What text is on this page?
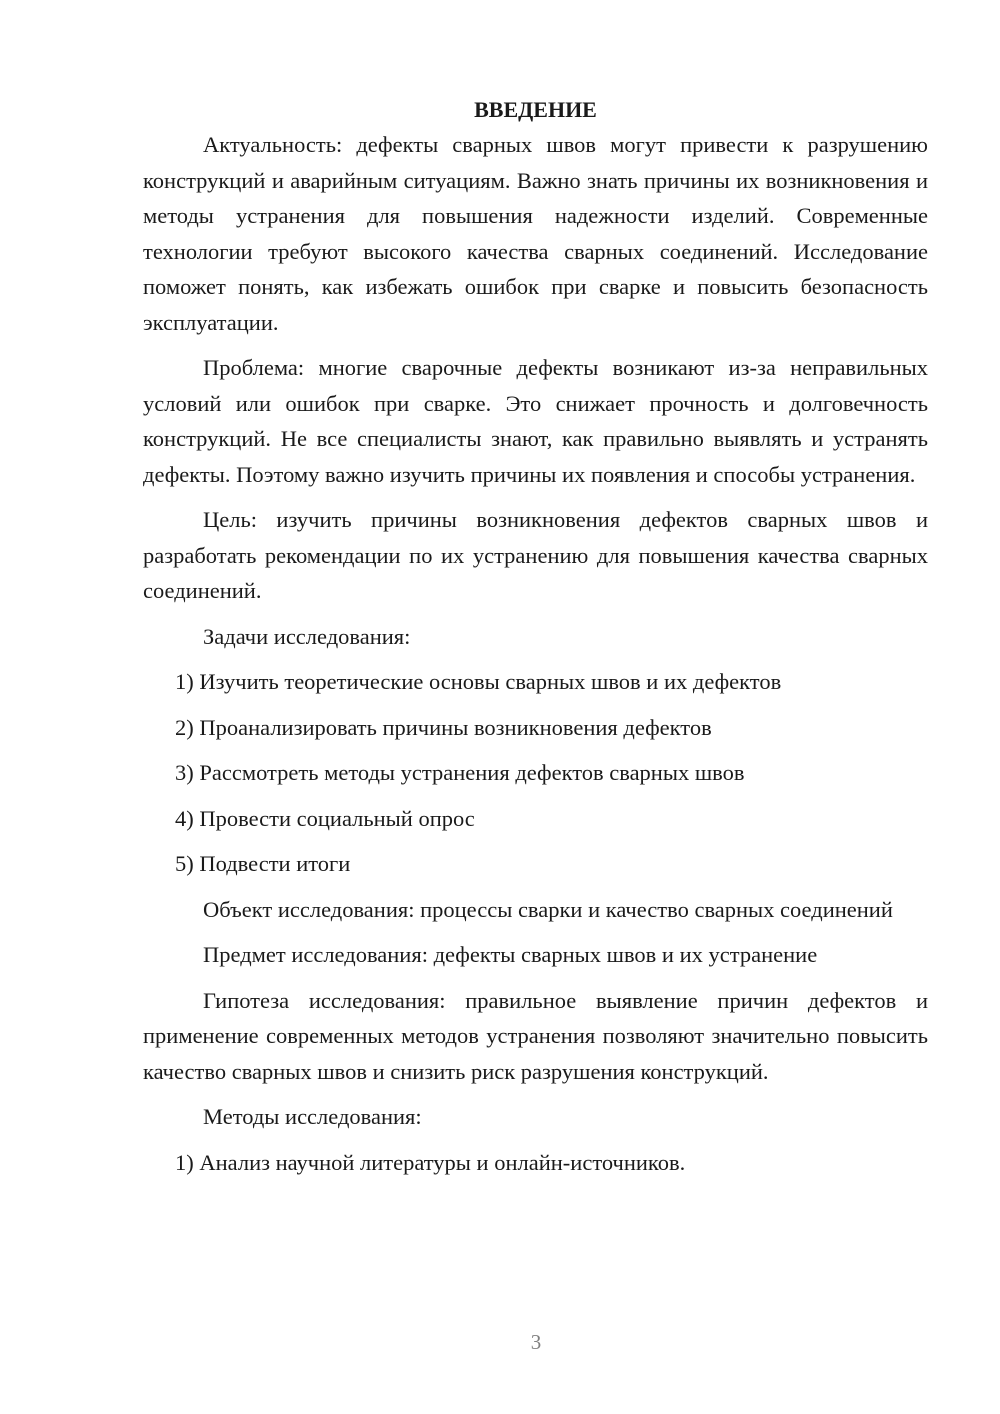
ВВЕДЕНИЕ

Актуальность: дефекты сварных швов могут привести к разрушению конструкций и аварийным ситуациям. Важно знать причины их возникновения и методы устранения для повышения надежности изделий. Современные технологии требуют высокого качества сварных соединений. Исследование поможет понять, как избежать ошибок при сварке и повысить безопасность эксплуатации.

Проблема: многие сварочные дефекты возникают из-за неправильных условий или ошибок при сварке. Это снижает прочность и долговечность конструкций. Не все специалисты знают, как правильно выявлять и устранять дефекты. Поэтому важно изучить причины их появления и способы устранения.

Цель: изучить причины возникновения дефектов сварных швов и разработать рекомендации по их устранению для повышения качества сварных соединений.

Задачи исследования:

1) Изучить теоретические основы сварных швов и их дефектов

2) Проанализировать причины возникновения дефектов

3) Рассмотреть методы устранения дефектов сварных швов

4) Провести социальный опрос

5) Подвести итоги

Объект исследования: процессы сварки и качество сварных соединений

Предмет исследования: дефекты сварных швов и их устранение

Гипотеза исследования: правильное выявление причин дефектов и применение современных методов устранения позволяют значительно повысить качество сварных швов и снизить риск разрушения конструкций.

Методы исследования:

1) Анализ научной литературы и онлайн-источников.

3
